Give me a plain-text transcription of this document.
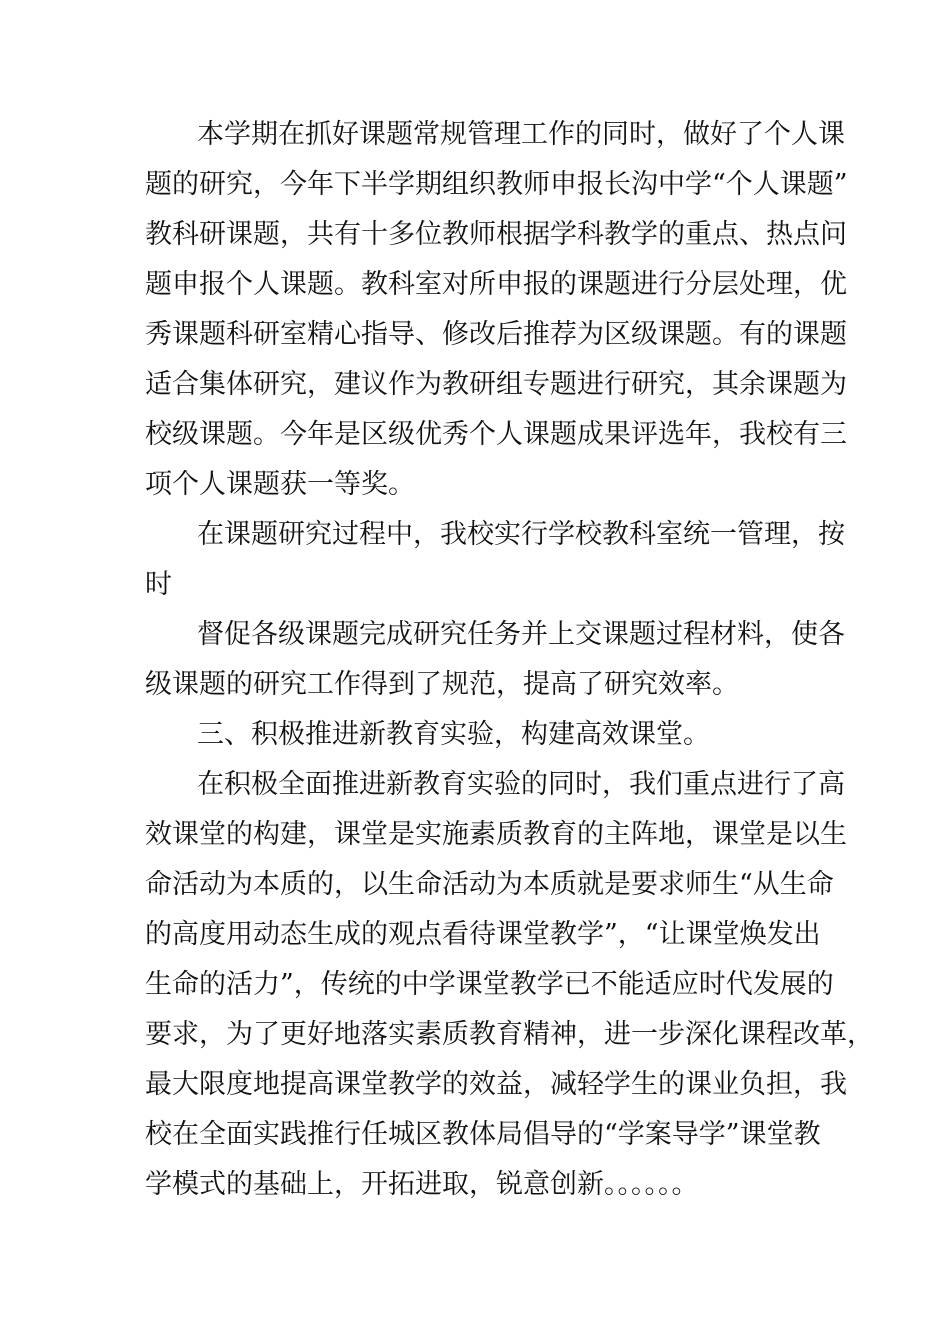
本学期在抓好课题常规管理工作的同时，做好了个人课
题的研究，今年下半学期组织教师申报长沟中学“个人课题”
教科研课题，共有十多位教师根据学科教学的重点、热点问
题申报个人课题。教科室对所申报的课题进行分层处理，优
秀课题科研室精心指导、修改后推荐为区级课题。有的课题
适合集体研究，建议作为教研组专题进行研究，其余课题为
校级课题。今年是区级优秀个人课题成果评选年，我校有三
项个人课题获一等奖。
在课题研究过程中，我校实行学校教科室统一管理，按
时
督促各级课题完成研究任务并上交课题过程材料，使各
级课题的研究工作得到了规范，提高了研究效率。
三、积极推进新教育实验，构建高效课堂。
在积极全面推进新教育实验的同时，我们重点进行了高
效课堂的构建，课堂是实施素质教育的主阵地，课堂是以生
命活动为本质的，以生命活动为本质就是要求师生“从生命
的高度用动态生成的观点看待课堂教学”，“让课堂焕发出
生命的活力”，传统的中学课堂教学已不能适应时代发展的
要求，为了更好地落实素质教育精神，进一步深化课程改革，
最大限度地提高课堂教学的效益，减轻学生的课业负担，我
校在全面实践推行任城区教体局倡导的“学案导学”课堂教
学模式的基础上，开拓进取，锐意创新。。。。。。
